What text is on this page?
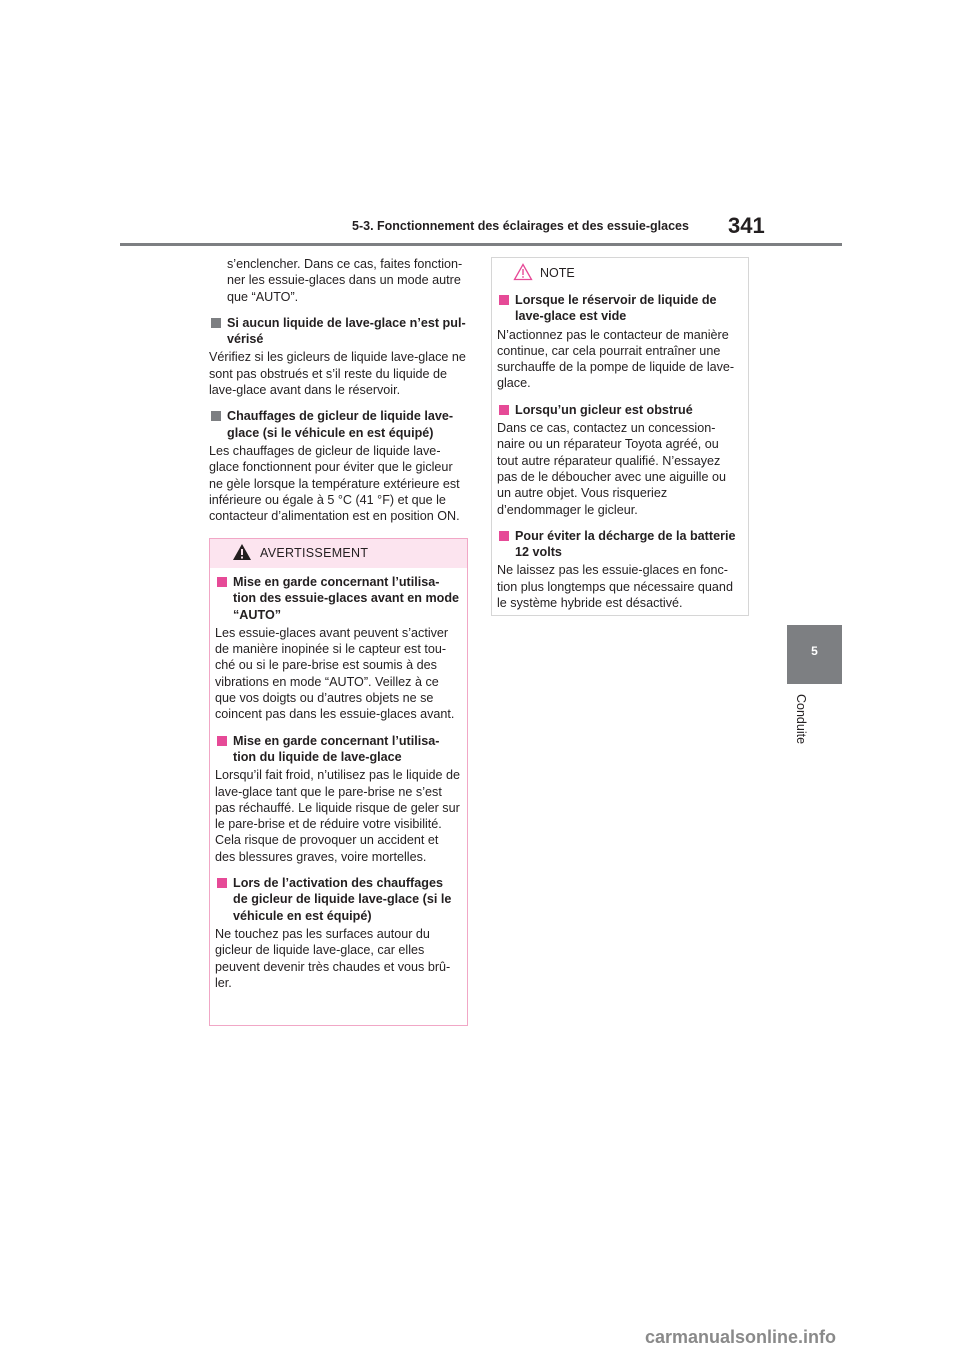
5-3. Fonctionnement des éclairages et des essuie-glaces 341
5
Conduite

s’enclencher. Dans ce cas, faites fonction-ner les essuie-glaces dans un mode autre que “AUTO”.

Si aucun liquide de lave-glace n’est pul-vérisé

Vérifiez si les gicleurs de liquide lave-glace ne sont pas obstrués et s’il reste du liquide de lave-glace avant dans le réservoir.

Chauffages de gicleur de liquide lave-glace (si le véhicule en est équipé)

Les chauffages de gicleur de liquide lave-glace fonctionnent pour éviter que le gicleur ne gèle lorsque la température extérieure est inférieure ou égale à 5 °C (41 °F) et que le contacteur d’alimentation est en position ON.

AVERTISSEMENT
Mise en garde concernant l’utilisa-tion des essuie-glaces avant en mode “AUTO”

Les essuie-glaces avant peuvent s’activer de manière inopinée si le capteur est tou-ché ou si le pare-brise est soumis à des vibrations en mode “AUTO”. Veillez à ce que vos doigts ou d’autres objets ne se coincent pas dans les essuie-glaces avant.

Mise en garde concernant l’utilisa-tion du liquide de lave-glace

Lorsqu’il fait froid, n’utilisez pas le liquide de lave-glace tant que le pare-brise ne s’est pas réchauffé. Le liquide risque de geler sur le pare-brise et de réduire votre visibilité. Cela risque de provoquer un accident et des blessures graves, voire mortelles.

Lors de l’activation des chauffages de gicleur de liquide lave-glace (si le véhicule en est équipé)

Ne touchez pas les surfaces autour du gicleur de liquide lave-glace, car elles peuvent devenir très chaudes et vous brû-ler.

NOTE
Lorsque le réservoir de liquide de lave-glace est vide

N’actionnez pas le contacteur de manière continue, car cela pourrait entraîner une surchauffe de la pompe de liquide de lave-glace.

Lorsqu’un gicleur est obstrué

Dans ce cas, contactez un concession-naire ou un réparateur Toyota agréé, ou tout autre réparateur qualifié. N’essayez pas de le déboucher avec une aiguille ou un autre objet. Vous risqueriez d’endommager le gicleur.

Pour éviter la décharge de la batterie 12 volts

Ne laissez pas les essuie-glaces en fonc-tion plus longtemps que nécessaire quand le système hybride est désactivé.

carmanualsonline.info
